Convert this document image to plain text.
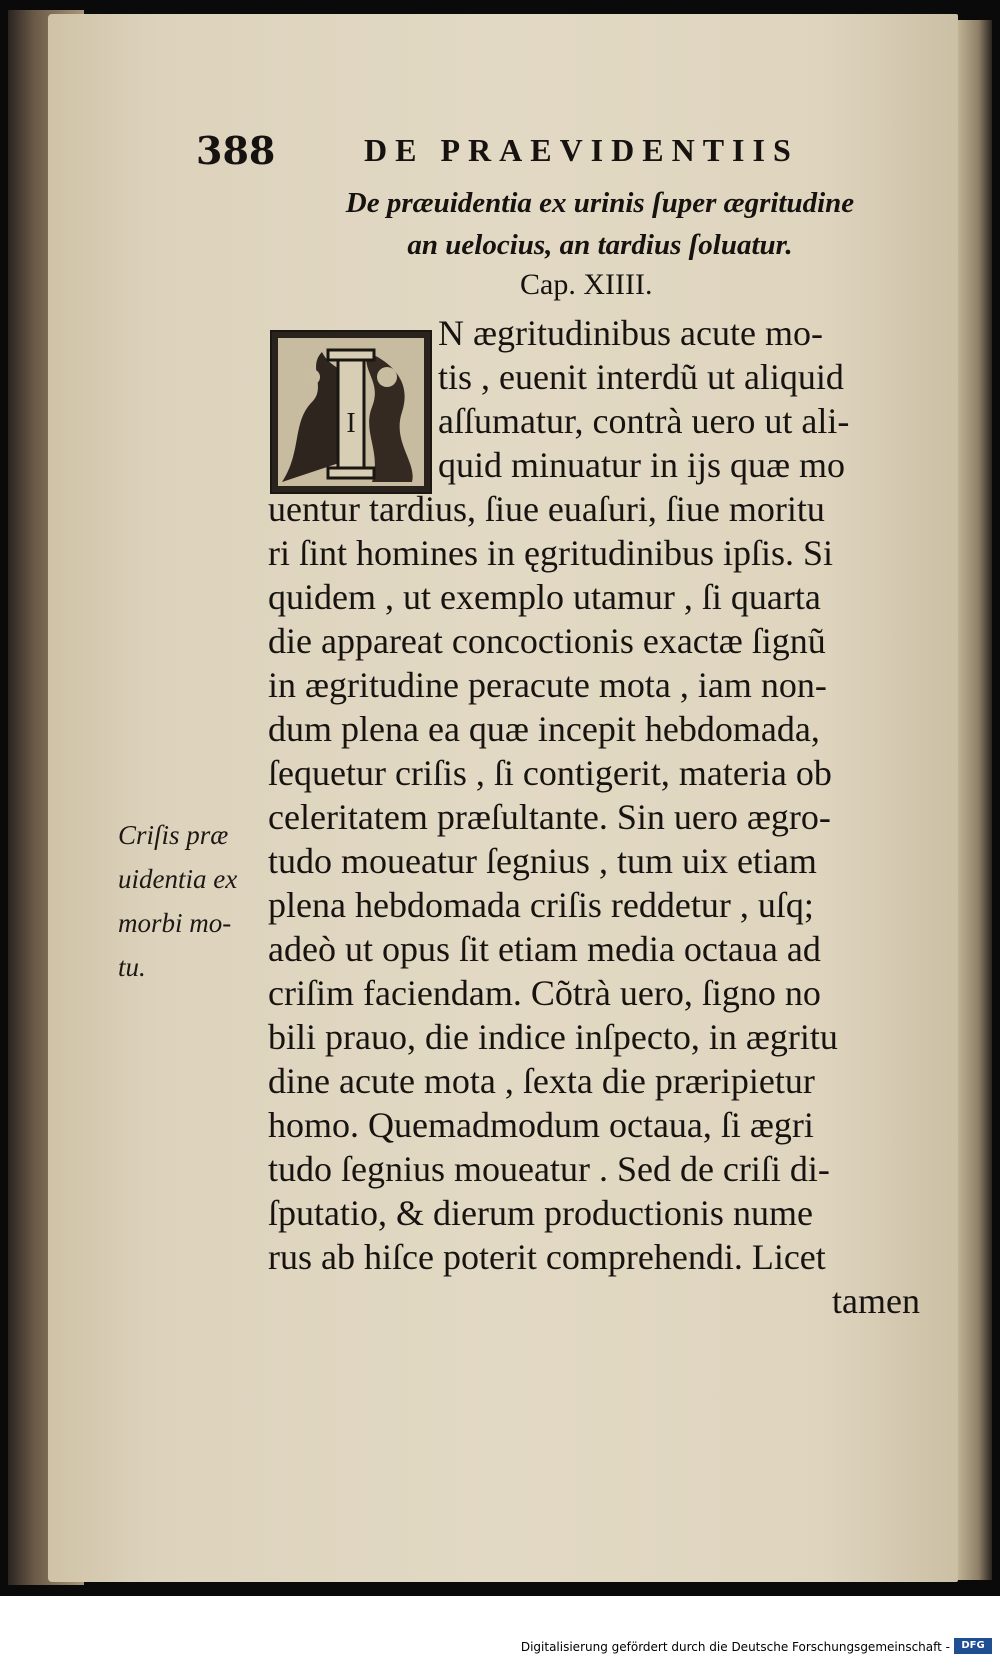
388	DE PRAEVIDENTIIS
De præuidentia ex urinis ſuper ægritudine
an uelocius, an tardius ſoluatur.
Cap. XIIII.
I
N ægritudinibus acute mo-
tis , euenit interdũ ut aliquid
aſſumatur, contrà uero ut ali-
quid minuatur in ijs quæ mo
uentur tardius, ſiue euaſuri, ſiue moritu
ri ſint homines in ęgritudinibus ipſis. Si
quidem , ut exemplo utamur , ſi quarta
die appareat concoctionis exactæ ſignũ
in ægritudine peracute mota , iam non-
dum plena ea quæ incepit hebdomada,
ſequetur criſis , ſi contigerit, materia ob
celeritatem præſultante. Sin uero ægro-
tudo moueatur ſegnius , tum uix etiam
plena hebdomada criſis reddetur , uſq;
adeò ut opus ſit etiam media octaua ad
criſim faciendam. Cõtrà uero, ſigno no
bili prauo, die indice inſpecto, in ægritu
dine acute mota , ſexta die præripietur
homo. Quemadmodum octaua, ſi ægri
tudo ſegnius moueatur . Sed de criſi di-
ſputatio, & dierum productionis nume
rus ab hiſce poterit comprehendi. Licet
tamen
Criſis præ
uidentia ex
morbi mo-
tu.
Digitalisierung gefördert durch die Deutsche Forschungsgemeinschaft -	DFG
